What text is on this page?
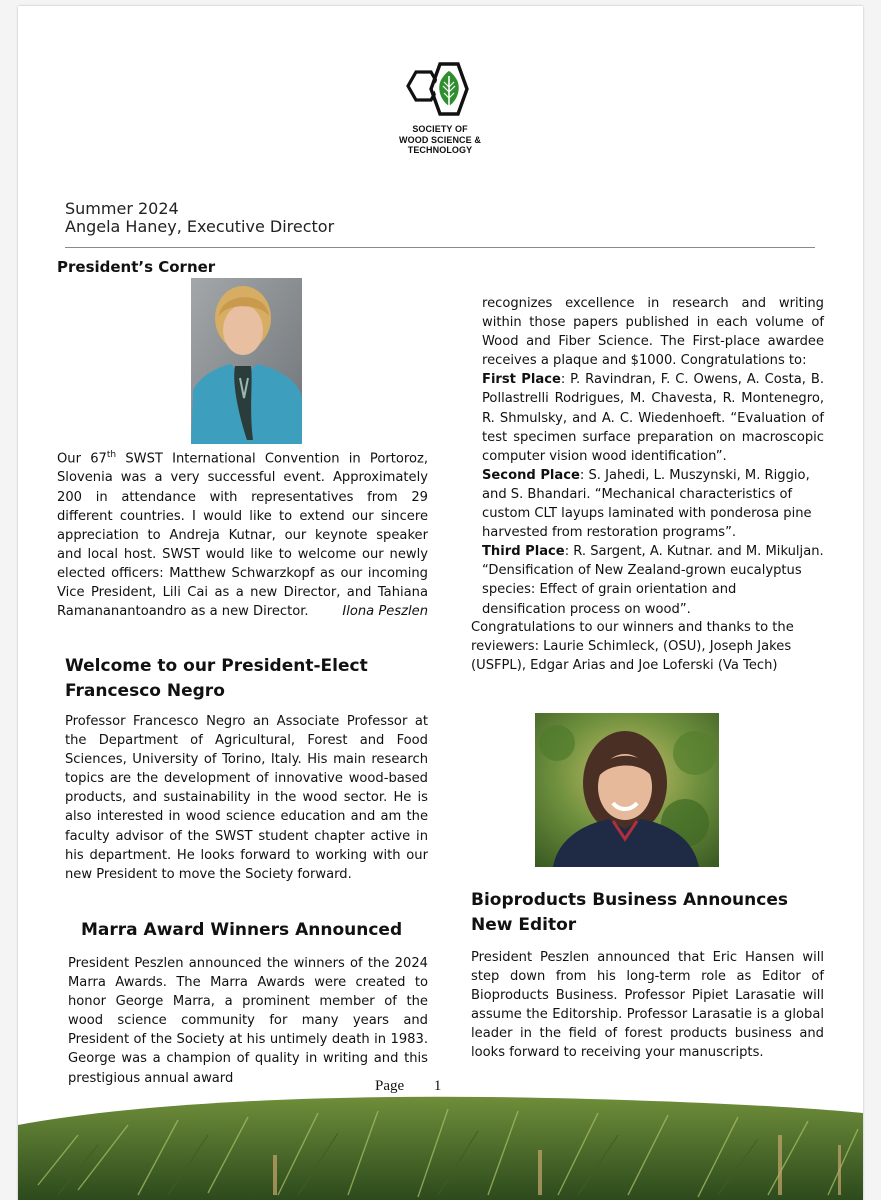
SOCIETY OF
WOOD SCIENCE &
TECHNOLOGY
Summer 2024
Angela Haney, Executive Director
President’s Corner

Our 67th SWST International Convention in Portoroz, Slovenia was a very successful event. Approximately 200 in attendance with representatives from 29 different countries. I would like to extend our sincere appreciation to Andreja Kutnar, our keynote speaker and local host. SWST would like to welcome our newly elected officers: Matthew Schwarzkopf as our incoming Vice President, Lili Cai as a new Director, and Tahiana Ramananantoandro as a new Director.	Ilona Peszlen

Welcome to our President-Elect Francesco Negro
Professor Francesco Negro an Associate Professor at the Department of Agricultural, Forest and Food Sciences, University of Torino, Italy. His main research topics are the development of innovative wood-based products, and sustainability in the wood sector. He is also interested in wood science education and am the faculty advisor of the SWST student chapter active in his department. He looks forward to working with our new President to move the Society forward.
Marra Award Winners Announced
President Peszlen announced the winners of the 2024 Marra Awards. The Marra Awards were created to honor George Marra, a prominent member of the wood science community for many years and President of the Society at his untimely death in 1983. George was a champion of quality in writing and this prestigious annual award

recognizes excellence in research and writing within those papers published in each volume of Wood and Fiber Science. The First-place awardee receives a plaque and $1000. Congratulations to:

First Place: P. Ravindran, F. C. Owens, A. Costa, B. Pollastrelli Rodrigues, M. Chavesta, R. Montenegro, R. Shmulsky, and A. C. Wiedenhoeft. “Evaluation of test specimen surface preparation on macroscopic computer vision wood identification”.

Second Place: S. Jahedi, L. Muszynski, M. Riggio, and S. Bhandari. “Mechanical characteristics of custom CLT layups laminated with ponderosa pine harvested from restoration programs”.

Third Place: R. Sargent, A. Kutnar. and M. Mikuljan. “Densification of New Zealand-grown eucalyptus species: Effect of grain orientation and densification process on wood”.

Congratulations to our winners and thanks to the reviewers: Laurie Schimleck, (OSU), Joseph Jakes (USFPL), Edgar Arias and Joe Loferski (Va Tech)
Bioproducts Business Announces New Editor
President Peszlen announced that Eric Hansen will step down from his long-term role as Editor of Bioproducts Business. Professor Pipiet Larasatie will assume the Editorship. Professor Larasatie is a global leader in the field of forest products business and looks forward to receiving your manuscripts.
Page 1
